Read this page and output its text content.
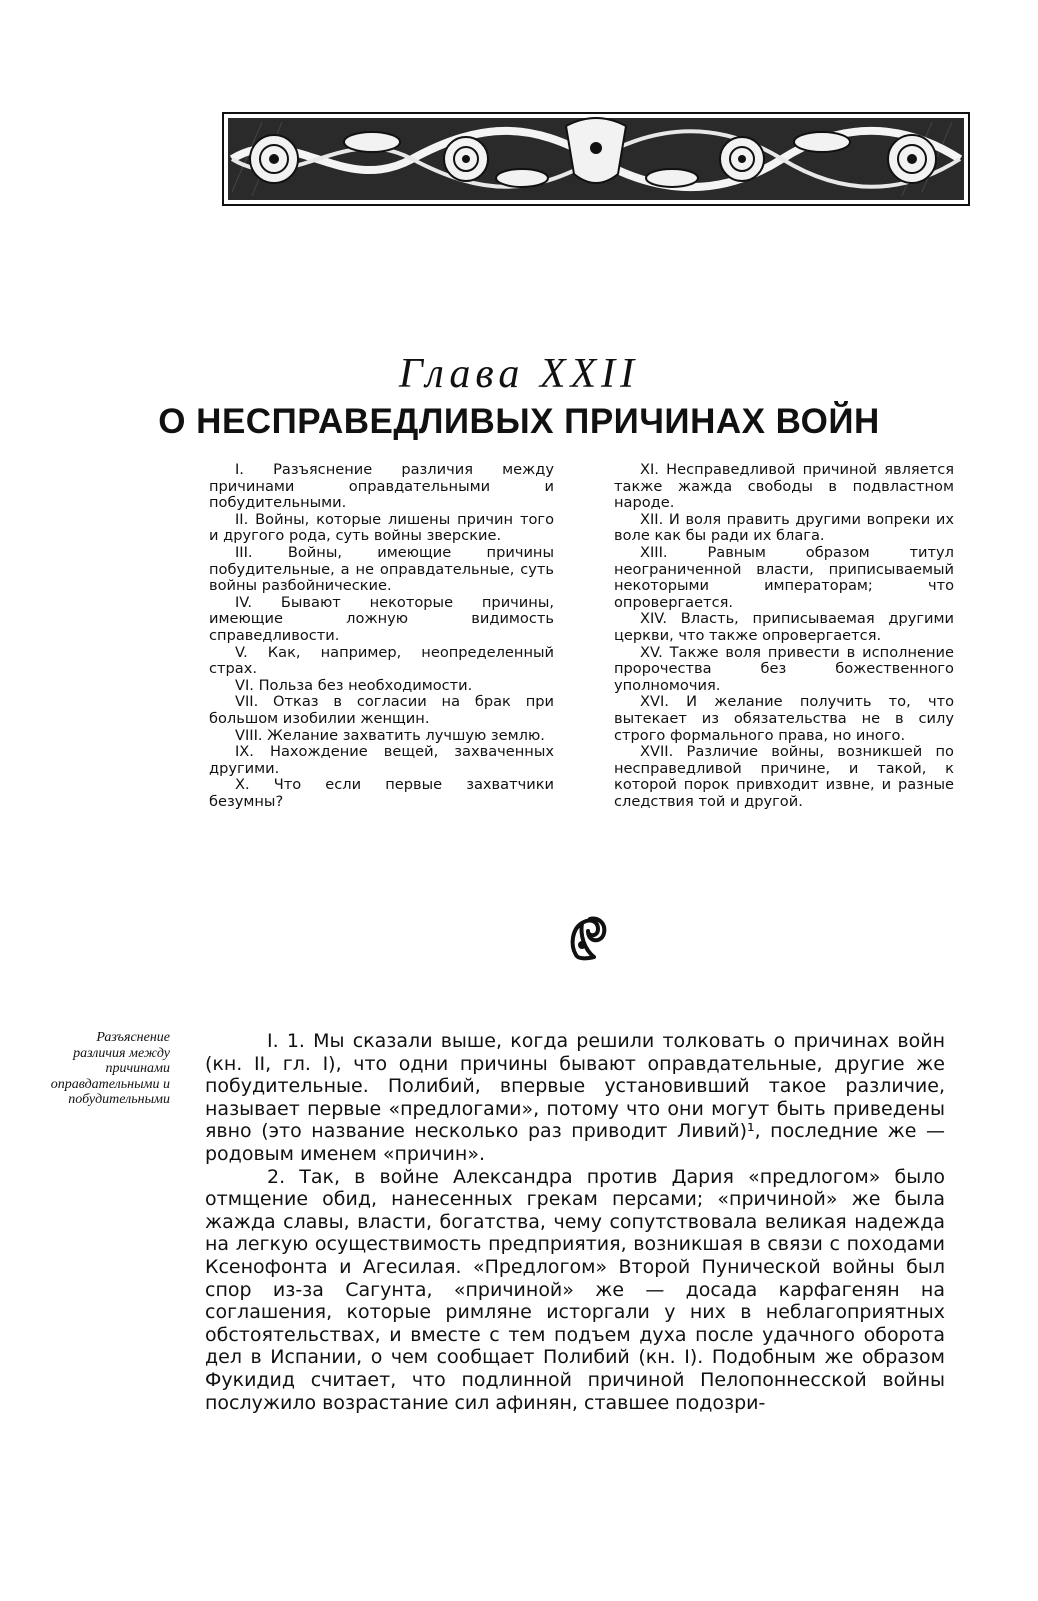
Глава XXII
О НЕСПРАВЕДЛИВЫХ ПРИЧИНАХ ВОЙН

I. Разъяснение различия между причинами оправдательными и побудительными.

II. Войны, которые лишены причин того и другого рода, суть войны зверские.

III. Войны, имеющие причины побудительные, а не оправдательные, суть войны разбойнические.

IV. Бывают некоторые причины, имеющие ложную видимость справедливости.

V. Как, например, неопределенный страх.

VI. Польза без необходимости.

VII. Отказ в согласии на брак при большом изобилии женщин.

VIII. Желание захватить лучшую землю.

IX. Нахождение вещей, захваченных другими.

X. Что если первые захватчики безумны?

XI. Несправедливой причиной является также жажда свободы в подвластном народе.

XII. И воля править другими вопреки их воле как бы ради их блага.

XIII. Равным образом титул неограниченной власти, приписываемый некоторыми императорам; что опровергается.

XIV. Власть, приписываемая другими церкви, что также опровергается.

XV. Также воля привести в исполнение пророчества без божественного уполномочия.

XVI. И желание получить то, что вытекает из обязательства не в силу строго формального права, но иного.

XVII. Различие войны, возникшей по несправедливой причине, и такой, к которой порок привходит извне, и разные следствия той и другой.

Разъяснение различия между причинами оправдательными и побудительными

I. 1. Мы сказали выше, когда решили толковать о причинах войн (кн. II, гл. I), что одни причины бывают оправдательные, другие же побудительные. Полибий, впервые установивший такое различие, называет первые «предлогами», потому что они могут быть приведены явно (это название несколько раз приводит Ливий)¹, последние же — родовым именем «причин».

2. Так, в войне Александра против Дария «предлогом» было отмщение обид, нанесенных грекам персами; «причиной» же была жажда славы, власти, богатства, чему сопутствовала великая надежда на легкую осуществимость предприятия, возникшая в связи с походами Ксенофонта и Агесилая. «Предлогом» Второй Пунической войны был спор из-за Сагунта, «причиной» же — досада карфагенян на соглашения, которые римляне исторгали у них в неблагоприятных обстоятельствах, и вместе с тем подъем духа после удачного оборота дел в Испании, о чем сообщает Полибий (кн. I). Подобным же образом Фукидид считает, что подлинной причиной Пелопоннесской войны послужило возрастание сил афинян, ставшее подозри-
